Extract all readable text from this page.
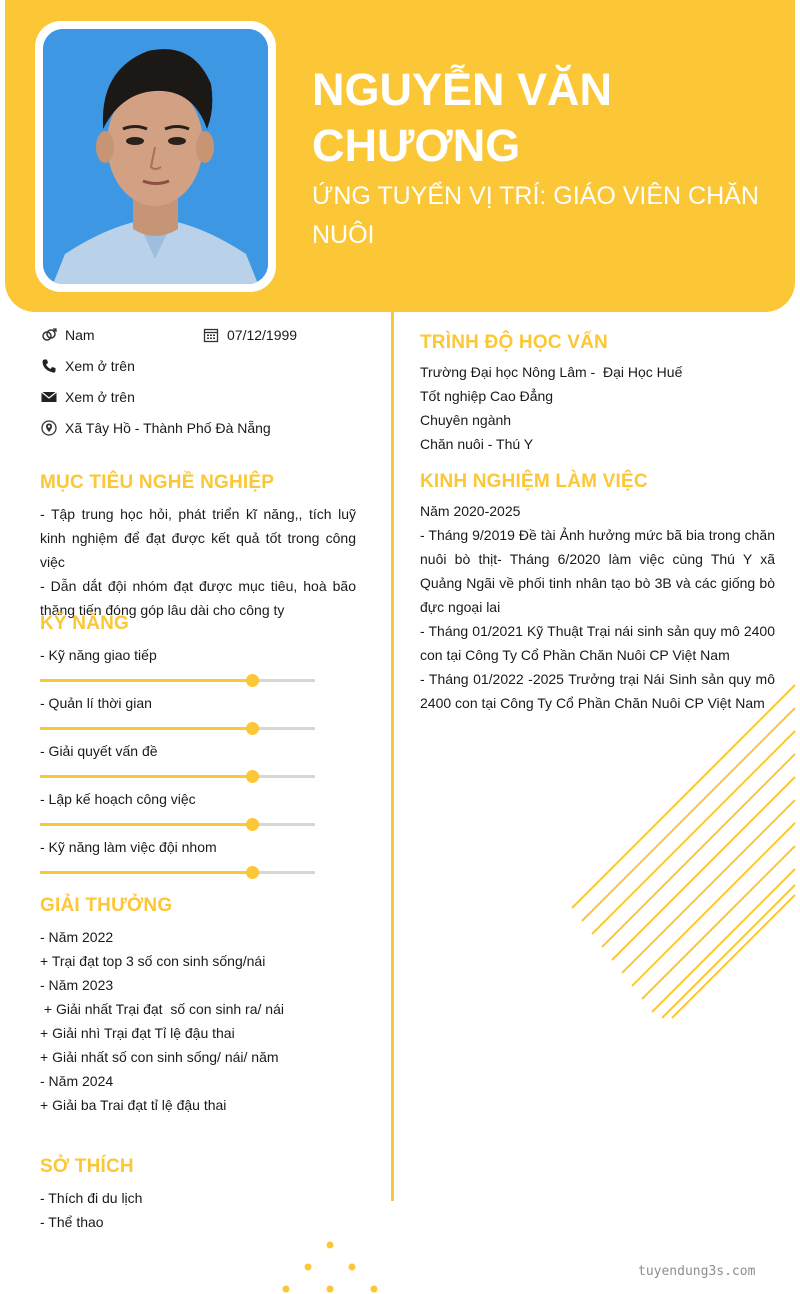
NGUYỄN VĂN CHƯƠNG
ỨNG TUYỂN VỊ TRÍ: GIÁO VIÊN CHĂN NUÔI
Nam	07/12/1999
Xem ở trên
Xem ở trên
Xã Tây Hồ - Thành Phố Đà Nẵng
MỤC TIÊU NGHỀ NGHIỆP

- Tập trung học hỏi, phát triển kĩ năng,, tích luỹ kinh nghiệm để đạt được kết quả tốt trong công việc

- Dẫn dắt đội nhóm đạt được mục tiêu, hoà bão thăng tiến đóng góp lâu dài cho công ty

KỸ NĂNG
- Kỹ năng giao tiếp
- Quản lí thời gian
- Giải quyết vấn đề
- Lập kế hoạch công việc
- Kỹ năng làm việc đội nhom
GIẢI THƯỞNG

- Năm 2022

+ Trại đạt top 3 số con sinh sống/nái

- Năm 2023

+ Giải nhất Trại đạt  số con sinh ra/ nái

+ Giải nhì Trại đạt Tỉ lệ đậu thai

+ Giải nhất số con sinh sống/ nái/ năm

- Năm 2024

+ Giải ba Trai đạt tỉ lệ đậu thai

SỞ THÍCH

- Thích đi du lịch

- Thể thao

TRÌNH ĐỘ HỌC VẤN

Trường Đại học Nông Lâm -  Đại Học Huế

Tốt nghiệp Cao Đẳng

Chuyên ngành

Chăn nuôi - Thú Y

KINH NGHIỆM LÀM VIỆC

Năm 2020-2025

- Tháng 9/2019 Đề tài Ảnh hưởng mức bã bia trong chăn nuôi bò thịt- Tháng 6/2020 làm việc cùng Thú Y xã Quảng Ngãi về phối tinh nhân tạo bò 3B và các giống bò đực ngoại lai

- Tháng 01/2021 Kỹ Thuật Trại nái sinh sản quy mô 2400 con tại Công Ty Cổ Phần Chăn Nuôi CP Việt Nam

- Tháng 01/2022 -2025 Trưởng trại Nái Sinh sản quy mô 2400 con tại Công Ty Cổ Phần Chăn Nuôi CP Việt Nam

tuyendung3s.com
